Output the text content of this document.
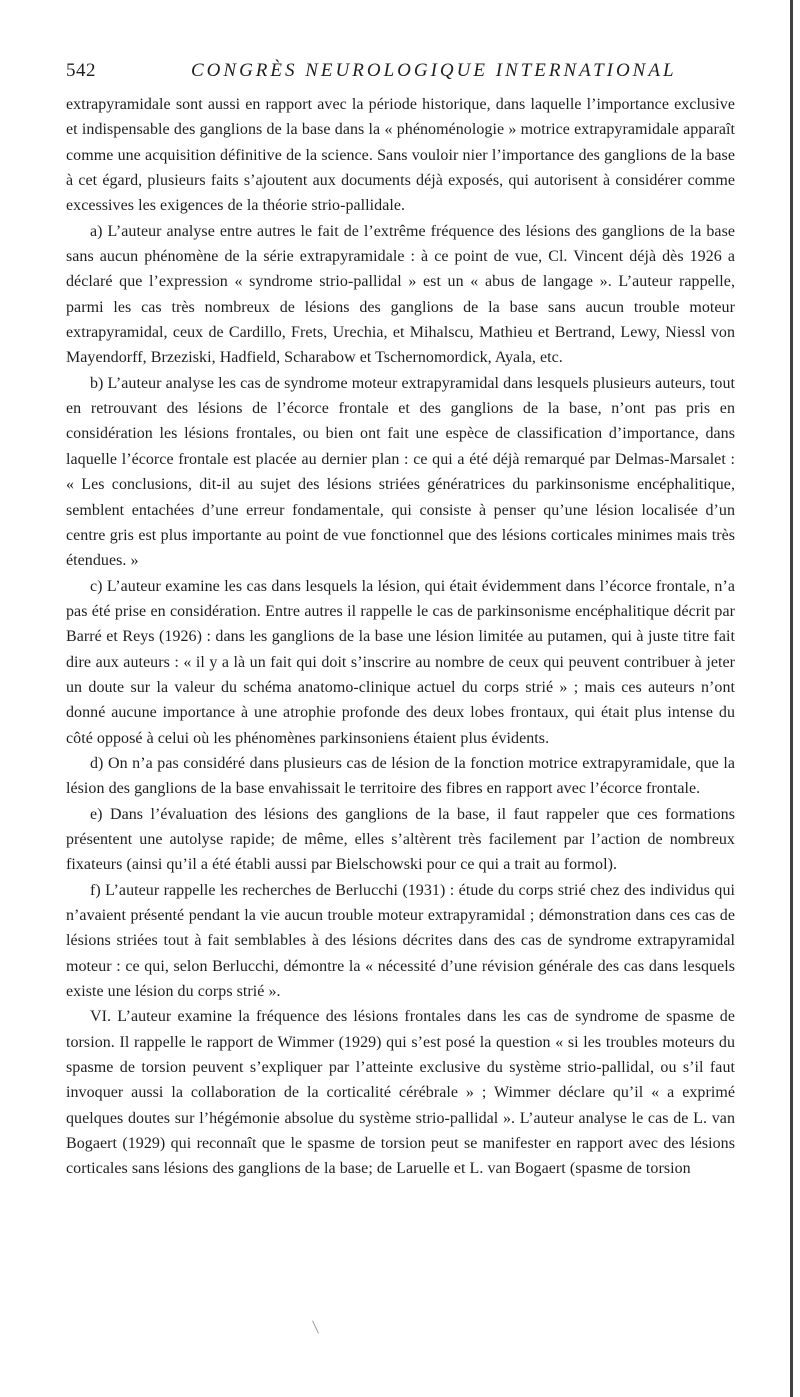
542	CONGRÈS NEUROLOGIQUE INTERNATIONAL

extrapyramidale sont aussi en rapport avec la période historique, dans laquelle l’importance exclusive et indispensable des ganglions de la base dans la « phénoménologie » motrice extrapyramidale apparaît comme une acquisition définitive de la science. Sans vouloir nier l’importance des ganglions de la base à cet égard, plusieurs faits s’ajoutent aux documents déjà exposés, qui autorisent à considérer comme excessives les exigences de la théorie strio-pallidale.

a) L’auteur analyse entre autres le fait de l’extrême fréquence des lésions des ganglions de la base sans aucun phénomène de la série extrapyramidale : à ce point de vue, Cl. Vincent déjà dès 1926 a déclaré que l’expression « syndrome strio-pallidal » est un « abus de langage ». L’auteur rappelle, parmi les cas très nombreux de lésions des ganglions de la base sans aucun trouble moteur extrapyramidal, ceux de Cardillo, Frets, Urechia, et Mihalscu, Mathieu et Bertrand, Lewy, Niessl von Mayendorff, Brzeziski, Hadfield, Scharabow et Tschernomordick, Ayala, etc.

b) L’auteur analyse les cas de syndrome moteur extrapyramidal dans lesquels plusieurs auteurs, tout en retrouvant des lésions de l’écorce frontale et des ganglions de la base, n’ont pas pris en considération les lésions frontales, ou bien ont fait une espèce de classification d’importance, dans laquelle l’écorce frontale est placée au dernier plan : ce qui a été déjà remarqué par Delmas-Marsalet : « Les conclusions, dit-il au sujet des lésions striées génératrices du parkinsonisme encéphalitique, semblent entachées d’une erreur fondamentale, qui consiste à penser qu’une lésion localisée d’un centre gris est plus importante au point de vue fonctionnel que des lésions corticales minimes mais très étendues. »

c) L’auteur examine les cas dans lesquels la lésion, qui était évidemment dans l’écorce frontale, n’a pas été prise en considération. Entre autres il rappelle le cas de parkinsonisme encéphalitique décrit par Barré et Reys (1926) : dans les ganglions de la base une lésion limitée au putamen, qui à juste titre fait dire aux auteurs : « il y a là un fait qui doit s’inscrire au nombre de ceux qui peuvent contribuer à jeter un doute sur la valeur du schéma anatomo-clinique actuel du corps strié » ; mais ces auteurs n’ont donné aucune importance à une atrophie profonde des deux lobes frontaux, qui était plus intense du côté opposé à celui où les phénomènes parkinsoniens étaient plus évidents.

d) On n’a pas considéré dans plusieurs cas de lésion de la fonction motrice extrapyramidale, que la lésion des ganglions de la base envahissait le territoire des fibres en rapport avec l’écorce frontale.

e) Dans l’évaluation des lésions des ganglions de la base, il faut rappeler que ces formations présentent une autolyse rapide; de même, elles s’altèrent très facilement par l’action de nombreux fixateurs (ainsi qu’il a été établi aussi par Bielschowski pour ce qui a trait au formol).

f) L’auteur rappelle les recherches de Berlucchi (1931) : étude du corps strié chez des individus qui n’avaient présenté pendant la vie aucun trouble moteur extrapyramidal ; démonstration dans ces cas de lésions striées tout à fait semblables à des lésions décrites dans des cas de syndrome extrapyramidal moteur : ce qui, selon Berlucchi, démontre la « nécessité d’une révision générale des cas dans lesquels existe une lésion du corps strié ».

VI. L’auteur examine la fréquence des lésions frontales dans les cas de syndrome de spasme de torsion. Il rappelle le rapport de Wimmer (1929) qui s’est posé la question « si les troubles moteurs du spasme de torsion peuvent s’expliquer par l’atteinte exclusive du système strio-pallidal, ou s’il faut invoquer aussi la collaboration de la corticalité cérébrale » ; Wimmer déclare qu’il « a exprimé quelques doutes sur l’hégémonie absolue du système strio-pallidal ». L’auteur analyse le cas de L. van Bogaert (1929) qui reconnaît que le spasme de torsion peut se manifester en rapport avec des lésions corticales sans lésions des ganglions de la base; de Laruelle et L. van Bogaert (spasme de torsion
